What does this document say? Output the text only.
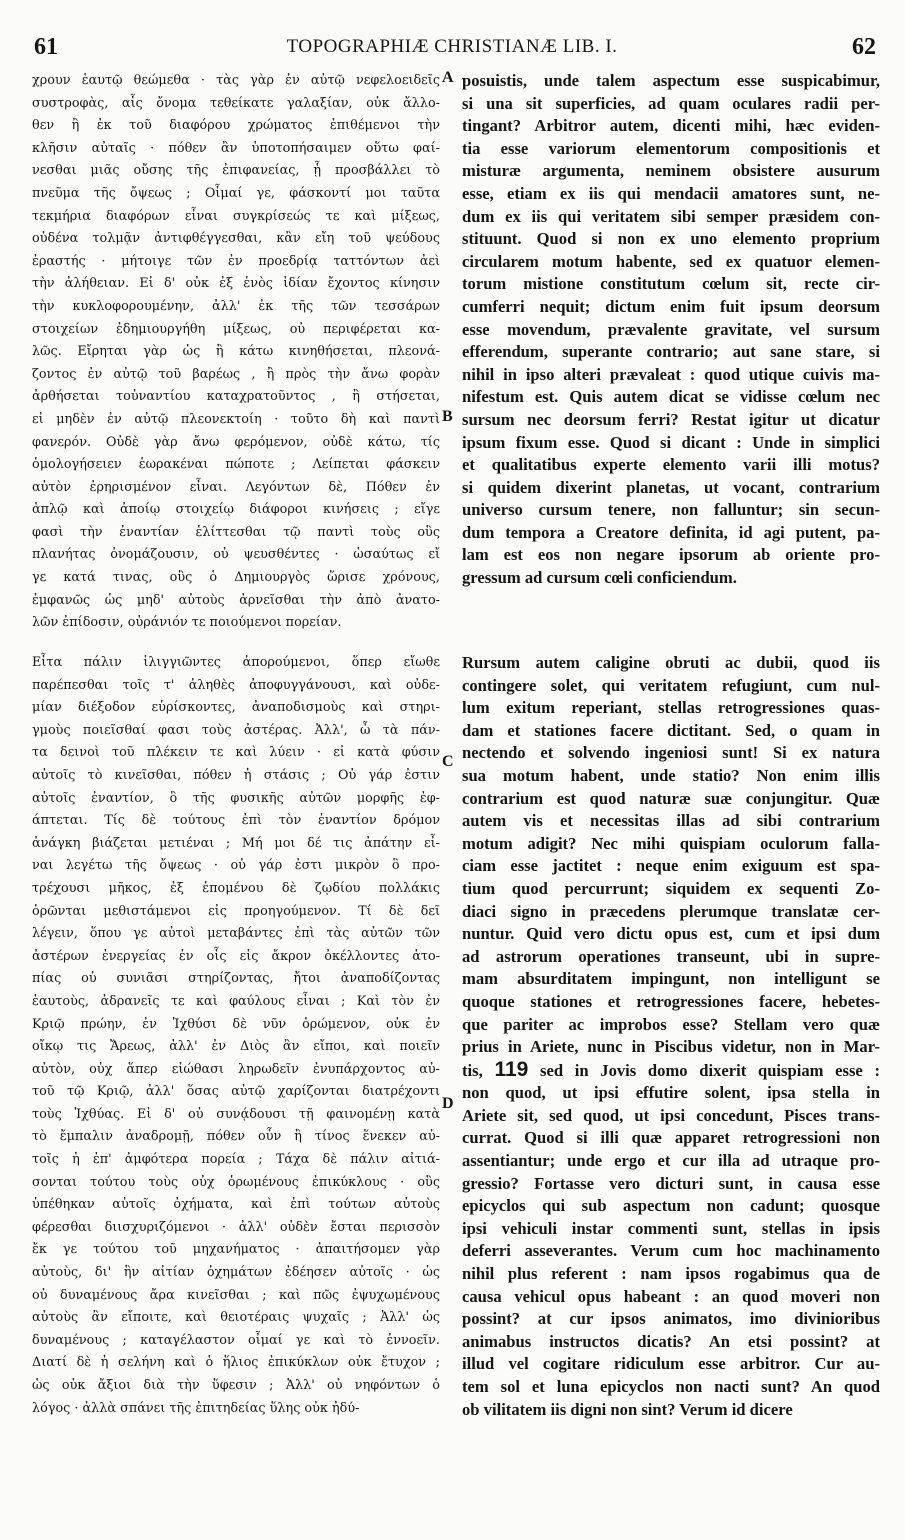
61	TOPOGRAPHIÆ CHRISTIANÆ LIB. I.	62
χρουν ἑαυτῷ θεώμεθα · τὰς γὰρ ἐν αὐτῷ νεφελοειδεῖς
συστροφὰς, αἷς ὄνομα τεθείκατε γαλαξίαν, οὐκ ἄλλο-
θεν ἢ ἐκ τοῦ διαφόρου χρώματος ἐπιθέμενοι τὴν
κλῆσιν αὐταῖς · πόθεν ἂν ὑποτοπήσαιμεν οὕτω φαί-
νεσθαι μιᾶς οὔσης τῆς ἐπιφανείας, ᾗ προσβάλλει τὸ
πνεῦμα τῆς ὄψεως ; Οἶμαί γε, φάσκοντί μοι ταῦτα
τεκμήρια διαφόρων εἶναι συγκρίσεώς τε καὶ μίξεως,
οὐδένα τολμᾷν ἀντιφθέγγεσθαι, κἂν εἴη τοῦ ψεύδους
ἐραστής · μήτοιγε τῶν ἐν προεδρίᾳ ταττόντων ἀεὶ
τὴν ἀλήθειαν. Εἰ δ' οὐκ ἐξ ἑνὸς ἰδίαν ἔχοντος κίνησιν
τὴν κυκλοφορουμένην, ἀλλ' ἐκ τῆς τῶν τεσσάρων
στοιχείων ἐδημιουργήθη μίξεως, οὐ περιφέρεται κα-
λῶς. Εἴρηται γὰρ ὡς ἢ κάτω κινηθήσεται, πλεονά-
ζοντος ἐν αὐτῷ τοῦ βαρέως , ἢ πρὸς τὴν ἄνω φορὰν
ἀρθήσεται τοὐναντίου καταχρατοῦντος , ἢ στήσεται,
εἰ μηδὲν ἐν αὐτῷ πλεονεκτοίη · τοῦτο δὴ καὶ παντὶ
φανερόν. Οὐδὲ γὰρ ἄνω φερόμενον, οὐδὲ κάτω, τίς
ὁμολογήσειεν ἑωρακέναι πώποτε ; Λείπεται φάσκειν
αὐτὸν ἐρηρισμένον εἶναι. Λεγόντων δὲ, Πόθεν ἐν
ἁπλῷ καὶ ἀποίῳ στοιχείῳ διάφοροι κινήσεις ; εἴγε
φασὶ τὴν ἐναντίαν ἑλίττεσθαι τῷ παντὶ τοὺς οὓς
πλανήτας ὀνομάζουσιν, οὐ ψευσθέντες · ὡσαύτως εἴ
γε κατά τινας, οὓς ὁ Δημιουργὸς ὥρισε χρόνους,
ἐμφανῶς ὡς μηδ' αὐτοὺς ἀρνεῖσθαι τὴν ἀπὸ ἀνατο-
λῶν ἐπίδοσιν, οὐράνιόν τε ποιούμενοι πορείαν.
Εἶτα πάλιν ἰλιγγιῶντες ἀπορούμενοι, ὅπερ εἴωθε
παρέπεσθαι τοῖς τ' ἀληθὲς ἀποφυγγάνουσι, καὶ οὐδε-
μίαν διέξοδον εὑρίσκοντες, ἀναποδισμοὺς καὶ στηρι-
γμοὺς ποιεῖσθαί φασι τοὺς ἀστέρας. Ἀλλ', ὦ τὰ πάν-
τα δεινοὶ τοῦ πλέκειν τε καὶ λύειν · εἰ κατὰ φύσιν
αὐτοῖς τὸ κινεῖσθαι, πόθεν ἡ στάσις ; Οὐ γάρ ἐστιν
αὐτοῖς ἐναντίον, ὃ τῆς φυσικῆς αὐτῶν μορφῆς ἐφ-
άπτεται. Τίς δὲ τούτους ἐπὶ τὸν ἐναντίον δρόμον
ἀνάγκη βιάζεται μετιέναι ; Μή μοι δέ τις ἀπάτην εἶ-
ναι λεγέτω τῆς ὄψεως · οὐ γάρ ἐστι μικρὸν ὃ προ-
τρέχουσι μῆκος, ἐξ ἑπομένου δὲ ζῳδίου πολλάκις
ὁρῶνται μεθιστάμενοι εἰς προηγούμενον. Τί δὲ δεῖ
λέγειν, ὅπου γε αὐτοὶ μεταβάντες ἐπὶ τὰς αὐτῶν τῶν
ἀστέρων ἐνεργείας ἐν οἷς εἰς ἄκρον ὀκέλλοντες ἀτο-
πίας οὐ συνιᾶσι στηρίζοντας, ἤτοι ἀναποδίζοντας
ἑαυτοὺς, ἀδρανεῖς τε καὶ φαύλους εἶναι ; Καὶ τὸν ἐν
Κριῷ πρώην, ἐν Ἰχθύσι δὲ νῦν ὁρώμενον, οὐκ ἐν
οἴκῳ τις Ἄρεως, ἀλλ' ἐν Διὸς ἂν εἴποι, καὶ ποιεῖν
αὐτὸν, οὐχ ἅπερ εἰώθασι ληρωδεῖν ἐνυπάρχοντος αὐ-
τοῦ τῷ Κριῷ, ἀλλ' ὅσας αὐτῷ χαρίζονται διατρέχοντι
τοὺς Ἰχθύας. Εἰ δ' οὐ συνᾴδουσι τῇ φαινομένῃ κατὰ
τὸ ἔμπαλιν ἀναδρομῇ, πόθεν οὖν ἢ τίνος ἕνεκεν αὐ-
τοῖς ἡ ἐπ' ἀμφότερα πορεία ; Τάχα δὲ πάλιν αἰτιά-
σονται τούτου τοὺς οὐχ ὁρωμένους ἐπικύκλους · οὓς
ὑπέθηκαν αὐτοῖς ὀχήματα, καὶ ἐπὶ τούτων αὐτοὺς
φέρεσθαι διισχυριζόμενοι · ἀλλ' οὐδὲν ἔσται περισσὸν
ἔκ γε τούτου τοῦ μηχανήματος · ἀπαιτήσομεν γὰρ
αὐτοὺς, δι' ἣν αἰτίαν ὀχημάτων ἐδέησεν αὐτοῖς · ὡς
οὐ δυναμένους ἄρα κινεῖσθαι ; καὶ πῶς ἐψυχωμένους
αὐτοὺς ἂν εἴποιτε, καὶ θειοτέραις ψυχαῖς ; Ἀλλ' ὡς
δυναμένους ; καταγέλαστον οἶμαί γε καὶ τὸ ἐννοεῖν.
Διατί δὲ ἡ σελήνη καὶ ὁ ἥλιος ἐπικύκλων οὐκ ἔτυχον ;
ὡς οὐκ ἄξιοι διὰ τὴν ὕφεσιν ; Ἀλλ' οὐ νηφόντων ὁ
λόγος · ἀλλὰ σπάνει τῆς ἐπιτηδείας ὕλης οὐκ ἠδύ-
posuistis, unde talem aspectum esse suspicabimur,
si una sit superficies, ad quam oculares radii per-
tingant? Arbitror autem, dicenti mihi, hæc eviden-
tia esse variorum elementorum compositionis et
misturæ argumenta, neminem obsistere ausurum
esse, etiam ex iis qui mendacii amatores sunt, ne-
dum ex iis qui veritatem sibi semper præsidem con-
stituunt. Quod si non ex uno elemento proprium
circularem motum habente, sed ex quatuor elemen-
torum mistione constitutum cœlum sit, recte cir-
cumferri nequit; dictum enim fuit ipsum deorsum
esse movendum, prævalente gravitate, vel sursum
efferendum, superante contrario; aut sane stare, si
nihil in ipso alteri prævaleat : quod utique cuivis ma-
nifestum est. Quis autem dicat se vidisse cœlum nec
sursum nec deorsum ferri? Restat igitur ut dicatur
ipsum fixum esse. Quod si dicant : Unde in simplici
et qualitatibus experte elemento varii illi motus?
si quidem dixerint planetas, ut vocant, contrarium
universo cursum tenere, non falluntur; sin secun-
dum tempora a Creatore definita, id agi putent, pa-
lam est eos non negare ipsorum ab oriente pro-
gressum ad cursum cœli conficiendum.
Rursum autem caligine obruti ac dubii, quod iis
contingere solet, qui veritatem refugiunt, cum nul-
lum exitum reperiant, stellas retrogressiones quas-
dam et stationes facere dictitant. Sed, o quam in
nectendo et solvendo ingeniosi sunt! Si ex natura
sua motum habent, unde statio? Non enim illis
contrarium est quod naturæ suæ conjungitur. Quæ
autem vis et necessitas illas ad sibi contrarium
motum adigit? Nec mihi quispiam oculorum falla-
ciam esse jactitet : neque enim exiguum est spa-
tium quod percurrunt; siquidem ex sequenti Zo-
diaci signo in præcedens plerumque translatæ cer-
nuntur. Quid vero dictu opus est, cum et ipsi dum
ad astrorum operationes transeunt, ubi in supre-
mam absurditatem impingunt, non intelligunt se
quoque stationes et retrogressiones facere, hebetes-
que pariter ac improbos esse? Stellam vero quæ
prius in Ariete, nunc in Piscibus videtur, non in Mar-
tis, 119 sed in Jovis domo dixerit quispiam esse :
non quod, ut ipsi effutire solent, ipsa stella in
Ariete sit, sed quod, ut ipsi concedunt, Pisces trans-
currat. Quod si illi quæ apparet retrogressioni non
assentiantur; unde ergo et cur illa ad utraque pro-
gressio? Fortasse vero dicturi sunt, in causa esse
epicyclos qui sub aspectum non cadunt; quosque
ipsi vehiculi instar commenti sunt, stellas in ipsis
deferri asseverantes. Verum cum hoc machinamento
nihil plus referent : nam ipsos rogabimus qua de
causa vehicul opus habeant : an quod moveri non
possint? at cur ipsos animatos, imo divinioribus
animabus instructos dicatis? An etsi possint? at
illud vel cogitare ridiculum esse arbitror. Cur au-
tem sol et luna epicyclos non nacti sunt? An quod
ob vilitatem iis digni non sint? Verum id dicere
A
B
C
D
